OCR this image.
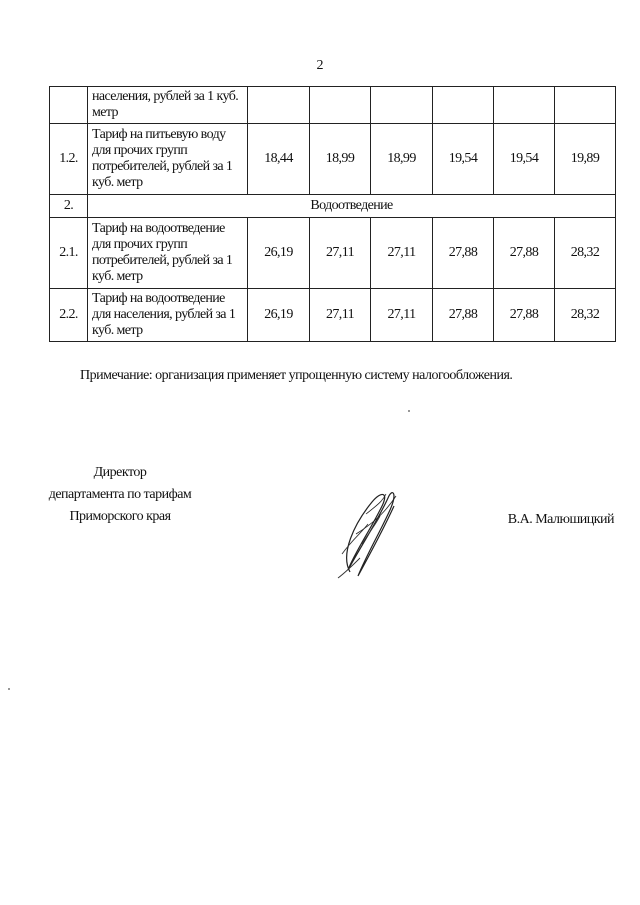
2
	населения, рублей за 1 куб. метр						
1.2.	Тариф на питьевую воду для прочих групп потребителей, рублей за 1 куб. метр	18,44	18,99	18,99	19,54	19,54	19,89
2.	Водоотведение						
2.1.	Тариф на водоотведение для прочих групп потребителей, рублей за 1 куб. метр	26,19	27,11	27,11	27,88	27,88	28,32
2.2.	Тариф на водоотведение для населения, рублей за 1 куб. метр	26,19	27,11	27,11	27,88	27,88	28,32
Примечание: организация применяет упрощенную систему налогообложения.
Директор
департамента по тарифам
Приморского края	В.А. Малюшицкий
